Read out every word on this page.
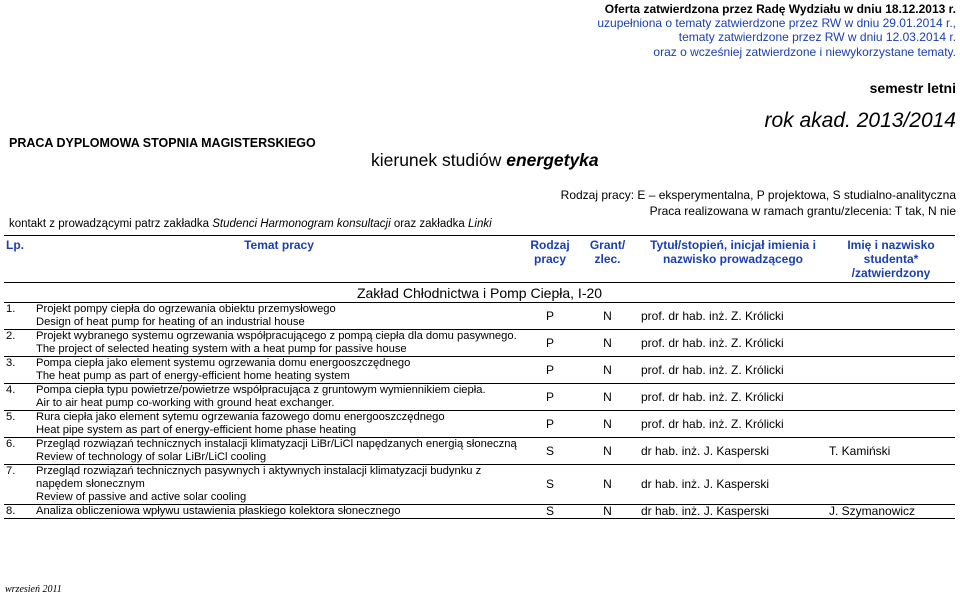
Oferta zatwierdzona przez Radę Wydziału w dniu 18.12.2013 r.
uzupełniona o tematy zatwierdzone przez RW w dniu 29.01.2014 r.,
tematy zatwierdzone przez RW w dniu 12.03.2014 r.
oraz o wcześniej zatwierdzone i niewykorzystane tematy.
semestr letni
rok akad. 2013/2014
PRACA DYPLOMOWA STOPNIA MAGISTERSKIEGO
kierunek studiów energetyka
Rodzaj pracy: E – eksperymentalna, P projektowa, S studialno-analityczna
Praca realizowana w ramach grantu/zlecenia: T tak, N nie
kontakt z prowadzącymi patrz zakładka Studenci Harmonogram konsultacji oraz zakładka Linki
Lp.	Temat pracy	Rodzaj pracy	Grant/ zlec.	Tytuł/stopień, inicjał imienia i nazwisko prowadzącego	Imię i nazwisko studenta* /zatwierdzony
Zakład Chłodnictwa i Pomp Ciepła, I-20					
1.	Projekt pompy ciepła do ogrzewania obiektu przemysłowego
Design of heat pump for heating of an industrial house	P	N	prof. dr hab. inż. Z. Królicki	
2.	Projekt wybranego systemu ogrzewania współpracującego z pompą ciepła dla domu pasywnego.
The project of selected heating system with a heat pump for passive house	P	N	prof. dr hab. inż. Z. Królicki	
3.	Pompa ciepła jako element systemu ogrzewania domu energooszczędnego
The heat pump as part of energy-efficient home heating system	P	N	prof. dr hab. inż. Z. Królicki	
4.	Pompa ciepła typu powietrze/powietrze współpracująca z gruntowym wymiennikiem ciepła.
Air to air heat pump co-working with ground heat exchanger.	P	N	prof. dr hab. inż. Z. Królicki	
5.	Rura ciepła jako element sytemu ogrzewania fazowego domu energooszczędnego
Heat pipe system as part of energy-efficient home phase heating	P	N	prof. dr hab. inż. Z. Królicki	
6.	Przegląd rozwiązań technicznych instalacji klimatyzacji LiBr/LiCl napędzanych energią słoneczną
Review of technology of solar LiBr/LiCl cooling	S	N	dr hab. inż. J. Kasperski	T. Kamiński
7.	Przegląd rozwiązań technicznych pasywnych i aktywnych instalacji klimatyzacji budynku z napędem słonecznym
Review of passive and active solar cooling	S	N	dr hab. inż. J. Kasperski	
8.	Analiza obliczeniowa wpływu ustawienia płaskiego kolektora słonecznego	S	N	dr hab. inż. J. Kasperski	J. Szymanowicz
wrzesień 2011
